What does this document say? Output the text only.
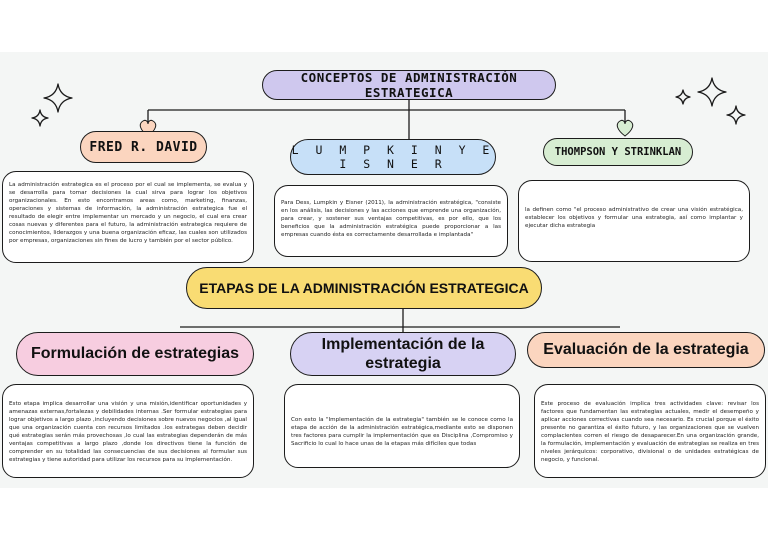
CONCEPTOS DE ADMINISTRACIÓN ESTRATEGICA
FRED R. DAVID	L U M P K I N Y E I S N E R
THOMPSON Y STRINKLAN
La administración estrategica es el proceso por el cual se implementa, se evalua y se desarrolla para tomar decisiones la cual sirva para lograr los objetivos organizacionales. En esto encontramos areas como, marketing, finanzas, operaciones y sistemas de información, la administración estrategica fue el resultado de elegir entre implementar un mercado y un negocio, el cual era crear cosas nuevas y diferentes para el futuro, la administración estrategica requiere de conocimientos, liderazgos y una buena organización eficaz, las cuales son utilizados por empresas, organizaciones sin fines de lucro y también por el sector público.
Para Dess, Lumpkin y Eisner (2011), la administración estratégica, "consiste en los análisis, las decisiones y las acciones que emprende una organización, para crear, y sostener sus ventajas competitivas, es por ello, que los beneficios que la administración estratégica puede proporcionar a las empresas cuando ésta es correctamente desarrollada e implantada"
la definen como "el proceso administrativo de crear una visión estratégica, establecer los objetivos y formular una estrategia, así como implantar y ejecutar dicha estrategia
ETAPAS DE LA ADMINISTRACIÓN ESTRATEGICA
Formulación de estrategias
Implementación de la estrategia
Evaluación de la estrategia
Esto etapa implica desarrollar una visión y una misión,identificar oportunidades y amenazas externas,fortalezas y debilidades internas .Ser formular estrategias para lograr objetivos a largo plazo ,incluyendo decisiones sobre nuevos negocios ,al igual que una organización cuenta con recursos limitados .los estrategas deben decidir qué estrategias serán más provechosas ,lo cual las estrategias dependerán de más ventajas competitivas a largo plazo ,donde los directivos tiene la función de comprender en su totalidad las consecuencias de sus decisiones al formular sus estrategias y tiene autoridad para utilizar los recursos para su implementación.
Con esto la "Implementación de la estrategia" también se le conoce como la etapa de acción de la administración estratégica,mediante esto se disponen tres factores para cumplir la implementación que es Disciplina ,Compromiso y Sacrificio lo cual lo hace unas de la etapas más difíciles que todas
Este proceso de evaluación implica tres actividades clave: revisar los factores que fundamentan las estrategias actuales, medir el desempeño y aplicar acciones correctivas cuando sea necesario. Es crucial porque el éxito presente no garantiza el éxito futuro, y las organizaciones que se vuelven complacientes corren el riesgo de desaparecer.En una organización grande, la formulación, implementación y evaluación de estrategias se realiza en tres niveles jerárquicos: corporativo, divisional o de unidades estratégicas de negocio, y funcional.
